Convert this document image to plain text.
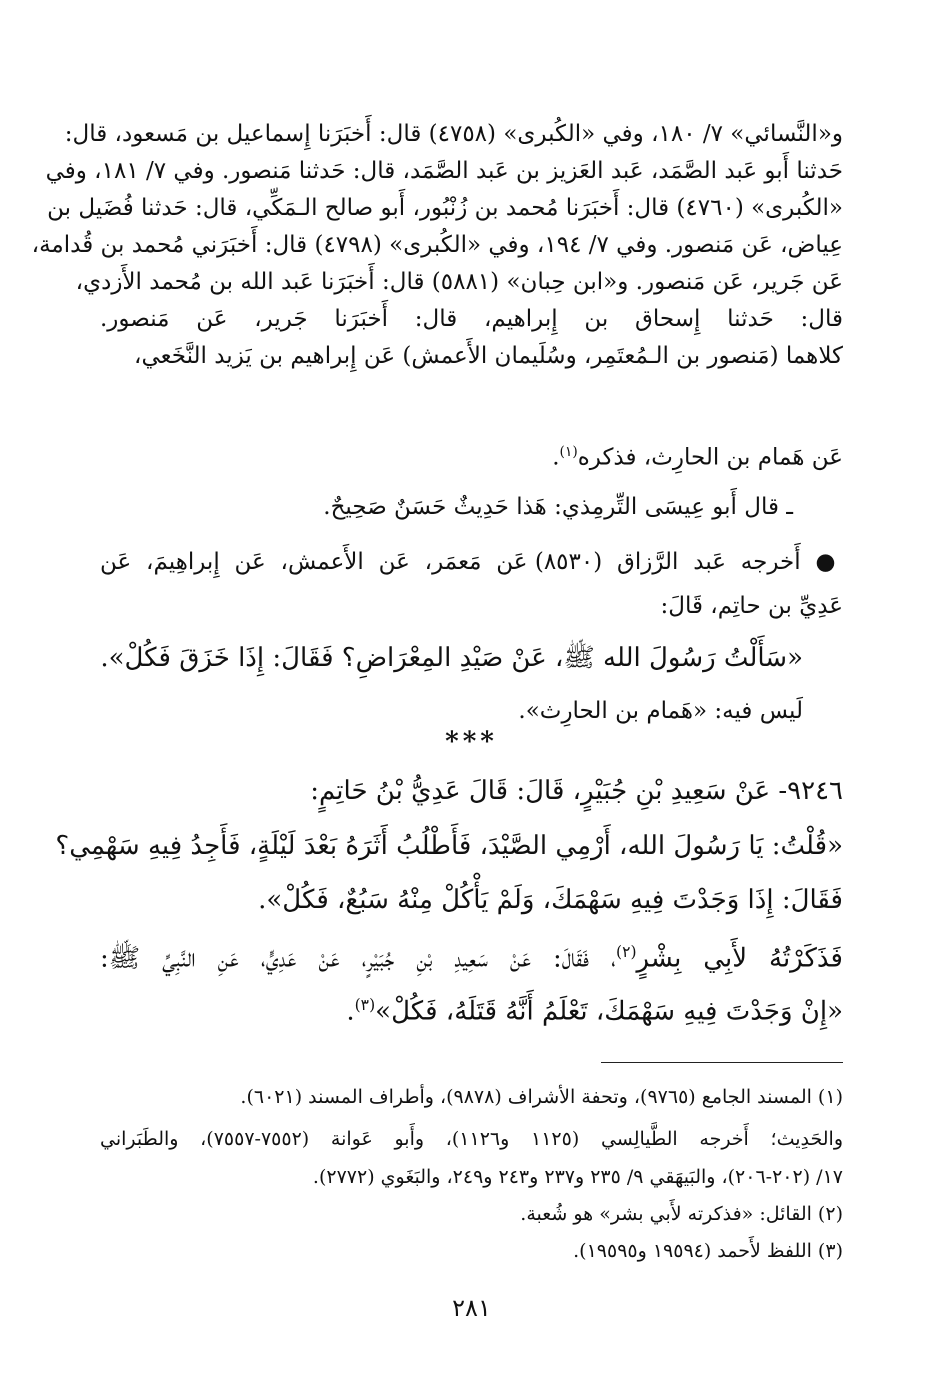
و«النَّسائي» ٧/ ١٨٠، وفي «الكُبرى» (٤٧٥٨) قال: أَخبَرَنا إِسماعيل بن مَسعود، قال:
حَدثنا أَبو عَبد الصَّمَد، عَبد العَزيز بن عَبد الصَّمَد، قال: حَدثنا مَنصور. وفي ٧/ ١٨١، وفي
«الكُبرى» (٤٧٦٠) قال: أَخبَرَنا مُحمد بن زُنْبُور، أَبو صالح الـمَكِّي، قال: حَدثنا فُضَيل بن
عِياض، عَن مَنصور. وفي ٧/ ١٩٤، وفي «الكُبرى» (٤٧٩٨) قال: أَخبَرَني مُحمد بن قُدامة،
عَن جَرير، عَن مَنصور. و«ابن حِبان» (٥٨٨١) قال: أَخبَرَنا عَبد الله بن مُحمد الأَزدي،
قال: حَدثنا إِسحاق بن إِبراهيم، قال: أَخبَرَنا جَرير، عَن مَنصور.
كلاهما (مَنصور بن الـمُعتَمِر، وسُلَيمان الأَعمش) عَن إِبراهيم بن يَزيد النَّخَعي،
عَن هَمام بن الحارِث، فذكره$^{(١)}$.
ـ قال أَبو عِيسَى التِّرمِذي: هَذا حَدِيثٌ حَسَنٌ صَحِيحٌ.
● أَخرجه عَبد الرَّزاق (٨٥٣٠) عَن مَعمَر، عَن الأَعمش، عَن إِبراهِيمَ، عَن
عَدِيِّ بن حاتِم، قَالَ:
«سَأَلْتُ رَسُولَ الله ﷺ، عَنْ صَيْدِ المِعْرَاضِ؟ فَقَالَ: إِذَا خَزَقَ فَكُلْ».
لَيس فيه: «هَمام بن الحارِث».
***
٩٢٤٦- عَنْ سَعِيدِ بْنِ جُبَيْرٍ، قَالَ: قَالَ عَدِيُّ بْنُ حَاتِمٍ:
«قُلْتُ: يَا رَسُولَ الله، أَرْمِي الصَّيْدَ، فَأَطْلُبُ أَثَرَهُ بَعْدَ لَيْلَةٍ، فَأَجِدُ فِيهِ سَهْمِي؟
فَقَالَ: إِذَا وَجَدْتَ فِيهِ سَهْمَكَ، وَلَمْ يَأْكُلْ مِنْهُ سَبُعٌ، فَكُلْ».
فَذَكَرْتُهُ لأَبِي بِشْرٍ$^{(٢)}$، فَقَالَ: عَنْ سَعِيدِ بْنِ جُبَيْرٍ، عَنْ عَدِيٍّ، عَنِ النَّبِيِّ ﷺ:
«إِنْ وَجَدْتَ فِيهِ سَهْمَكَ، تَعْلَمُ أَنَّهُ قَتَلَهُ، فَكُلْ»$^{(٣)}$.
(١) المسند الجامع (٩٧٦٥)، وتحفة الأشراف (٩٨٧٨)، وأطراف المسند (٦٠٢١).
والحَدِيث؛ أَخرجه الطَّيالِسي (١١٢٥ و١١٢٦)، وأَبو عَوانة (٧٥٥٢-٧٥٥٧)، والطَبَراني
١٧/ (٢٠٢-٢٠٦)، والبَيهَقي ٩/ ٢٣٥ و٢٣٧ و٢٤٣ و٢٤٩، والبَغَوي (٢٧٧٢).
(٢) القائل: «فذكرته لأَبي بشر» هو شُعبة.
(٣) اللفظ لأَحمد (١٩٥٩٤ و١٩٥٩٥).
٢٨١
